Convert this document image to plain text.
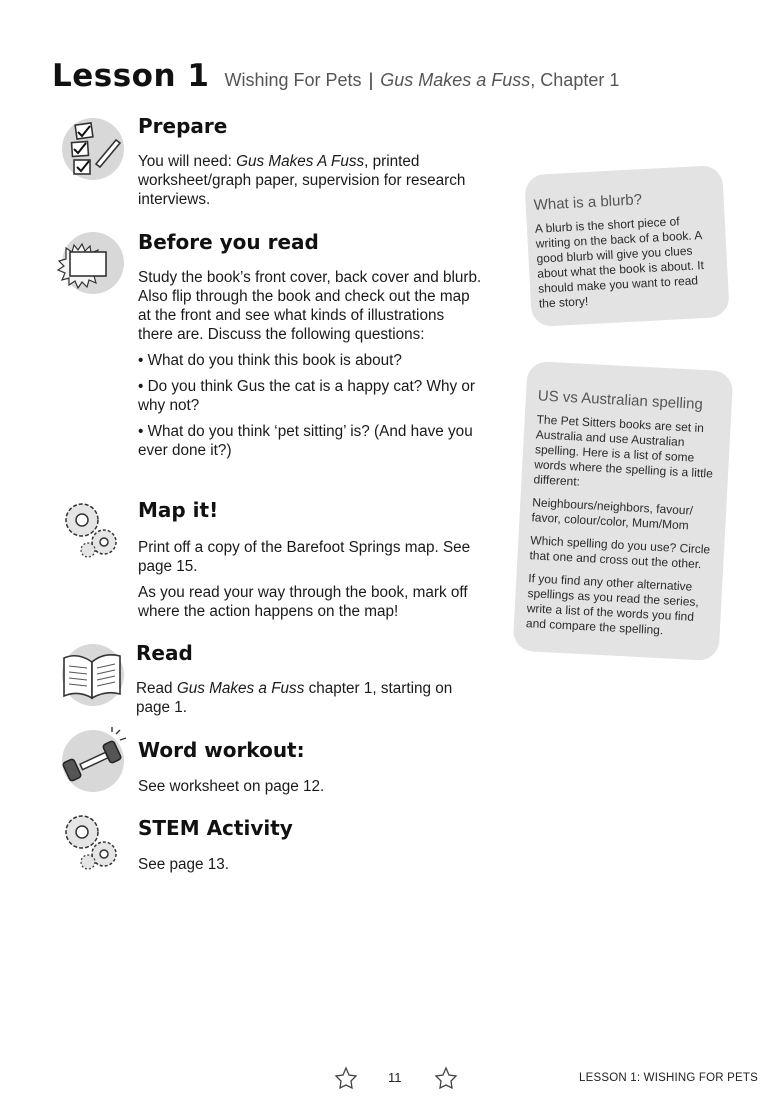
Lesson 1 Wishing For Pets | Gus Makes a Fuss, Chapter 1
Prepare

You will need: Gus Makes A Fuss, printed worksheet/graph paper, supervision for research interviews.

Before you read

Study the book’s front cover, back cover and blurb. Also flip through the book and check out the map at the front and see what kinds of illustrations there are. Discuss the following questions:

• What do you think this book is about?

• Do you think Gus the cat is a happy cat? Why or why not?

• What do you think ‘pet sitting’ is? (And have you ever done it?)

Map it!

Print off a copy of the Barefoot Springs map. See page 15.

As you read your way through the book, mark off where the action happens on the map!

Read

Read Gus Makes a Fuss chapter 1, starting on page 1.

Word workout:

See worksheet on page 12.

STEM Activity

See page 13.

What is a blurb?

A blurb is the short piece of writing on the back of a book. A good blurb will give you clues about what the book is about. It should make you want to read the story!

US vs Australian spelling

The Pet Sitters books are set in Australia and use Australian spelling. Here is a list of some words where the spelling is a little different:

Neighbours/neighbors, favour/ favor, colour/color, Mum/Mom

Which spelling do you use? Circle that one and cross out the other.

If you find any other alternative spellings as you read the series, write a list of the words you find and compare the spelling.

11	LESSON 1: WISHING FOR PETS
